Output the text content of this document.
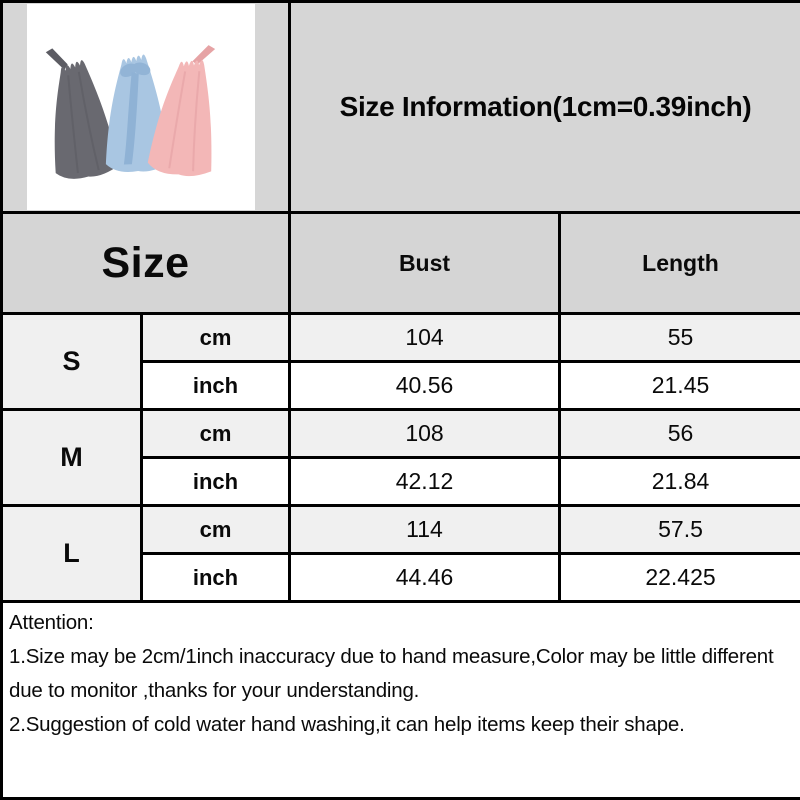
Size Information(1cm=0.39inch)	

Size		Bust	Length
S	cm	104	55
	inch	40.56	21.45
M	cm	108	56
	inch	42.12	21.84
L	cm	114	57.5
	inch	44.46	22.425

Attention:
1.Size may be 2cm/1inch inaccuracy due to hand measure,Color may be little different due to monitor ,thanks for your understanding.
2.Suggestion of cold water hand washing,it can help items keep their shape.			
